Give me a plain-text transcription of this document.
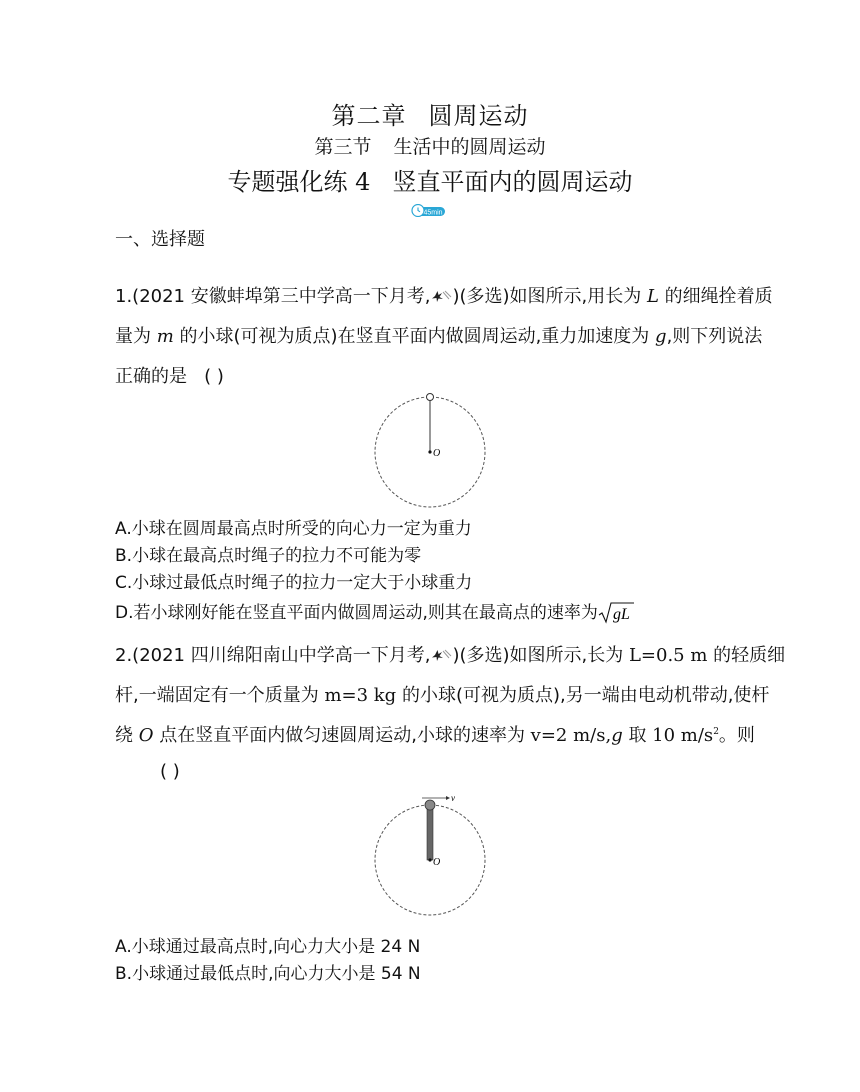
第二章 圆周运动
第三节 生活中的圆周运动
专题强化练 4 竖直平面内的圆周运动
45min
一、选择题
1.(2021 安徽蚌埠第三中学高一下月考, )(多选)如图所示,用长为 L 的细绳拴着质
量为 m 的小球(可视为质点)在竖直平面内做圆周运动,重力加速度为 g,则下列说法
正确的是 ( )
O
A.小球在圆周最高点时所受的向心力一定为重力
B.小球在最高点时绳子的拉力不可能为零
C.小球过最低点时绳子的拉力一定大于小球重力
D.若小球刚好能在竖直平面内做圆周运动,则其在最高点的速率为 gL
2.(2021 四川绵阳南山中学高一下月考, )(多选)如图所示,长为 L=0.5 m 的轻质细
杆,一端固定有一个质量为 m=3 kg 的小球(可视为质点),另一端由电动机带动,使杆
绕 O 点在竖直平面内做匀速圆周运动,小球的速率为 v=2 m/s,g 取 10 $m/s^2$。则
( )
v
O
A.小球通过最高点时,向心力大小是 24 N
B.小球通过最低点时,向心力大小是 54 N
